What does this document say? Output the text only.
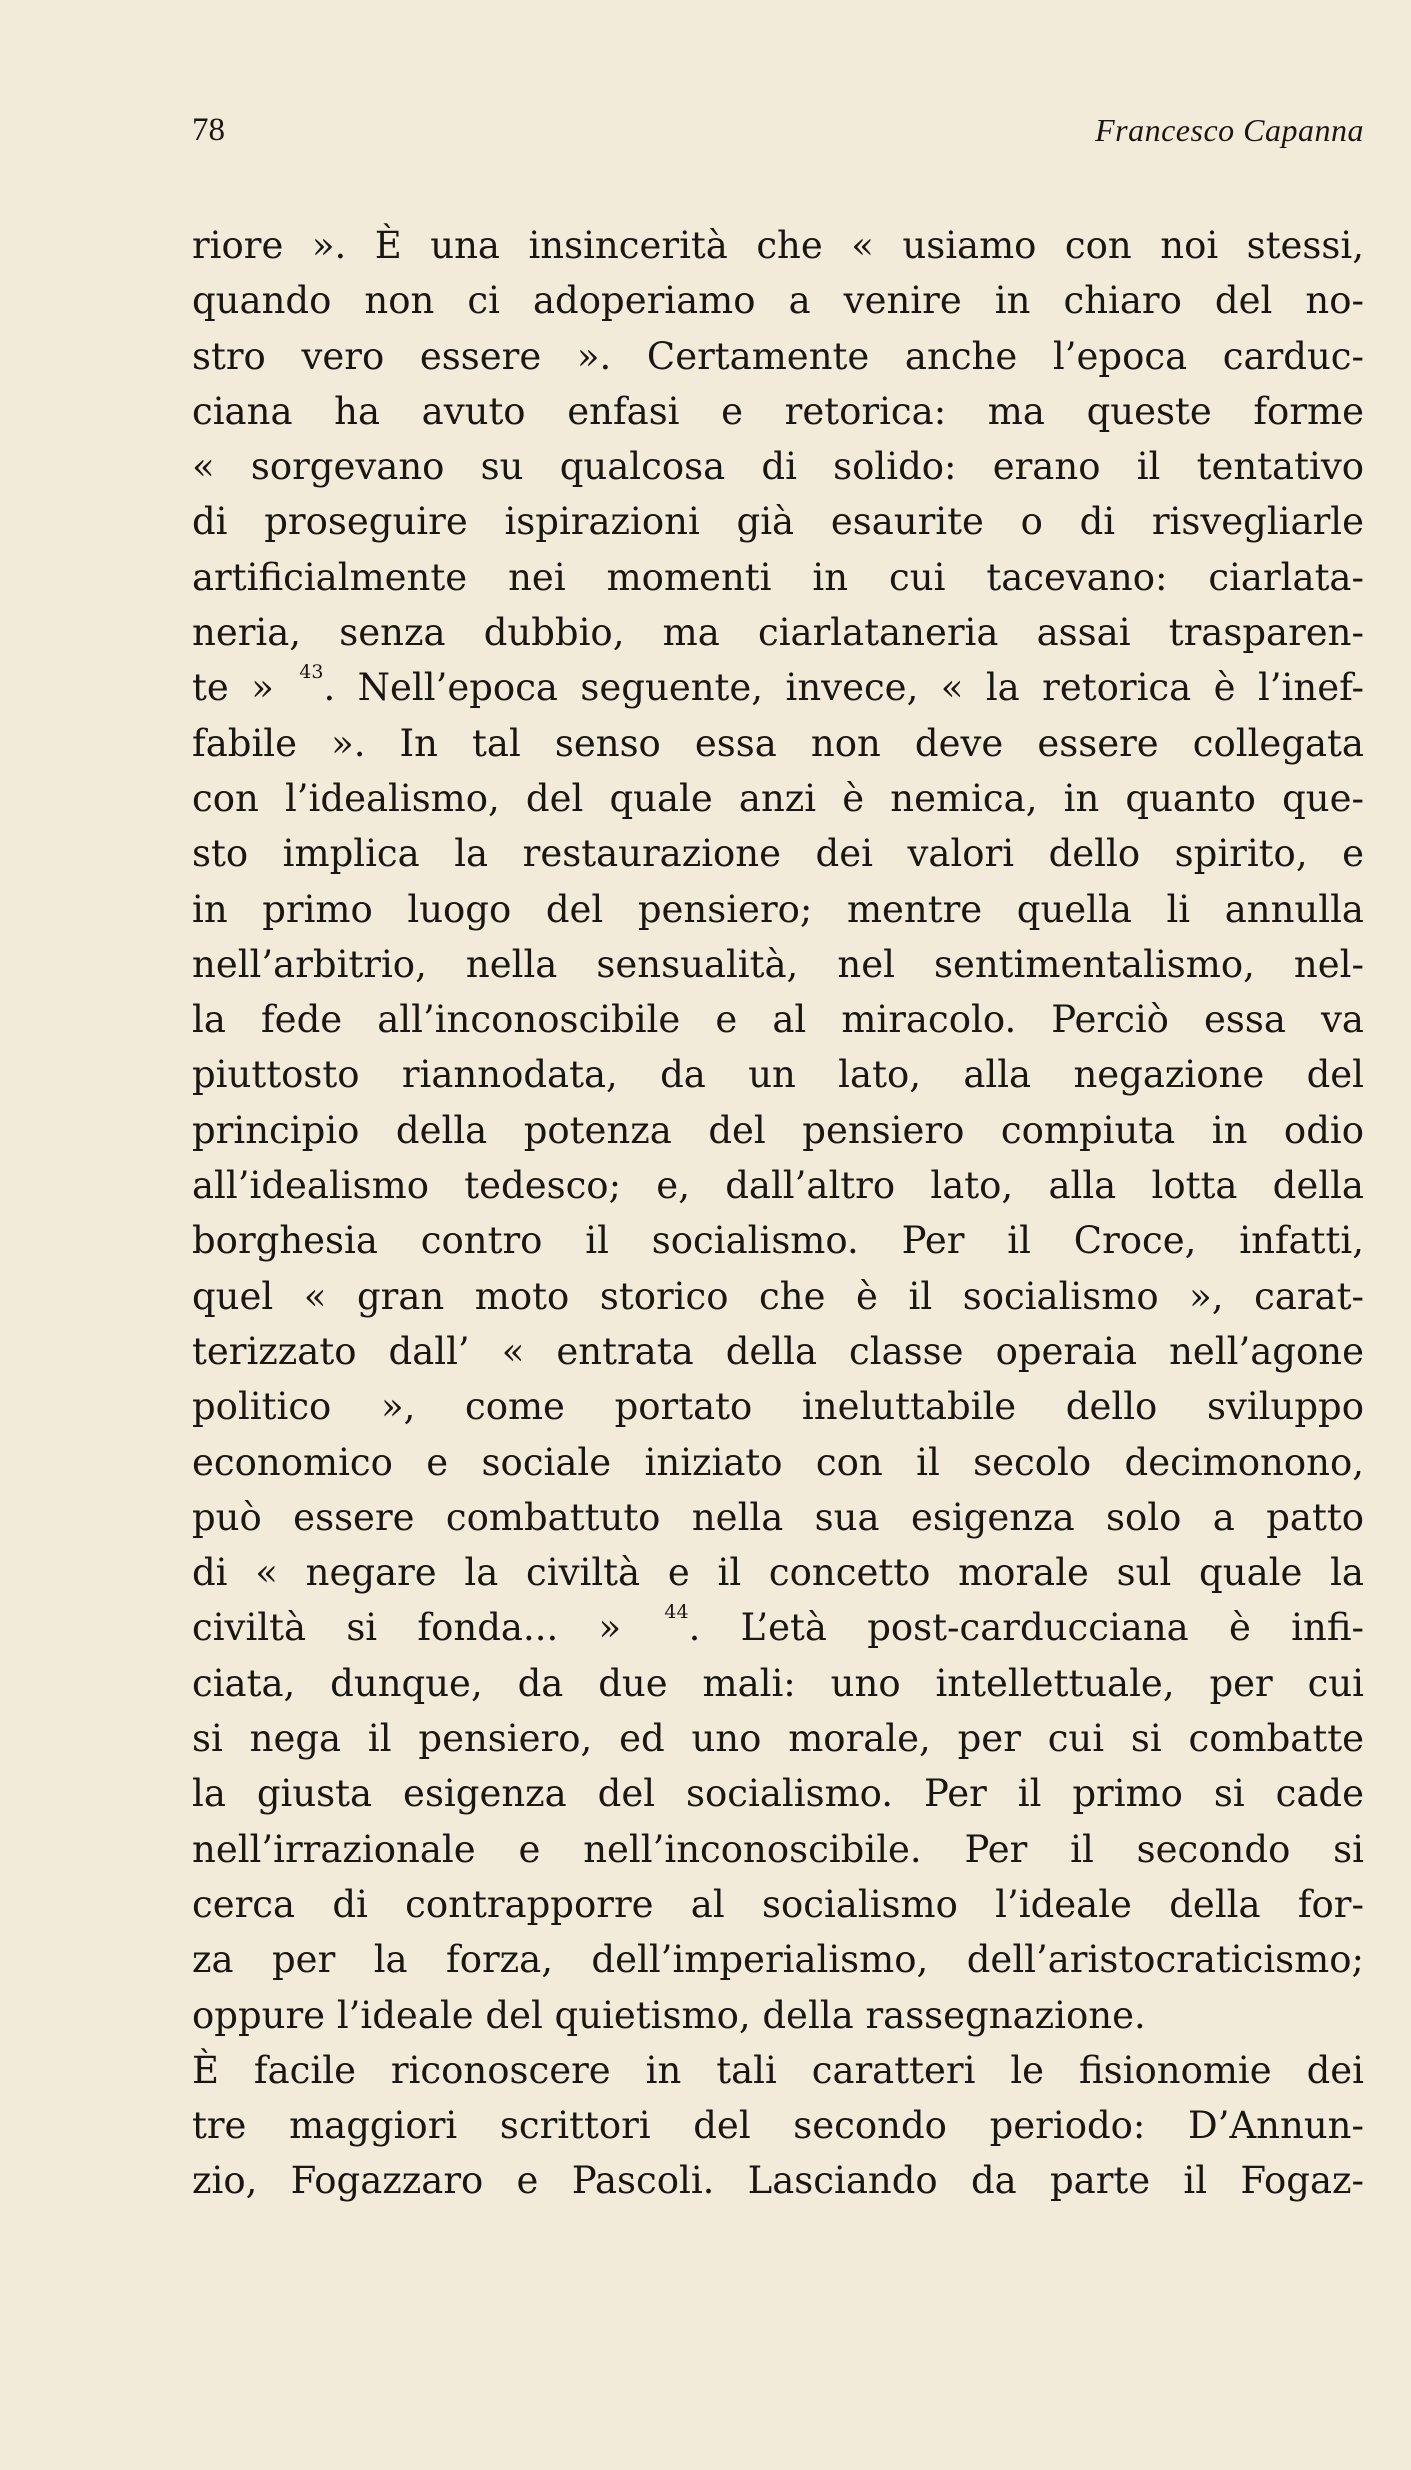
78	Francesco Capanna
riore ». È una insincerità che « usiamo con noi stessi,
quando non ci adoperiamo a venire in chiaro del no-
stro vero essere ». Certamente anche l’epoca carduc-
ciana ha avuto enfasi e retorica: ma queste forme
« sorgevano su qualcosa di solido: erano il tentativo
di proseguire ispirazioni già esaurite o di risvegliarle
artificialmente nei momenti in cui tacevano: ciarlata-
neria, senza dubbio, ma ciarlataneria assai trasparen-
te » $^{43}$. Nell’epoca seguente, invece, « la retorica è l’inef-
fabile ». In tal senso essa non deve essere collegata
con l’idealismo, del quale anzi è nemica, in quanto que-
sto implica la restaurazione dei valori dello spirito, e
in primo luogo del pensiero; mentre quella li annulla
nell’arbitrio, nella sensualità, nel sentimentalismo, nel-
la fede all’inconoscibile e al miracolo. Perciò essa va
piuttosto riannodata, da un lato, alla negazione del
principio della potenza del pensiero compiuta in odio
all’idealismo tedesco; e, dall’altro lato, alla lotta della
borghesia contro il socialismo. Per il Croce, infatti,
quel « gran moto storico che è il socialismo », carat-
terizzato dall’ « entrata della classe operaia nell’agone
politico », come portato ineluttabile dello sviluppo
economico e sociale iniziato con il secolo decimonono,
può essere combattuto nella sua esigenza solo a patto
di « negare la civiltà e il concetto morale sul quale la
civiltà si fonda... » $^{44}$. L’età post-carducciana è infi-
ciata, dunque, da due mali: uno intellettuale, per cui
si nega il pensiero, ed uno morale, per cui si combatte
la giusta esigenza del socialismo. Per il primo si cade
nell’irrazionale e nell’inconoscibile. Per il secondo si
cerca di contrapporre al socialismo l’ideale della for-
za per la forza, dell’imperialismo, dell’aristocraticismo;
oppure l’ideale del quietismo, della rassegnazione.
È facile riconoscere in tali caratteri le fisionomie dei
tre maggiori scrittori del secondo periodo: D’Annun-
zio, Fogazzaro e Pascoli. Lasciando da parte il Fogaz-
